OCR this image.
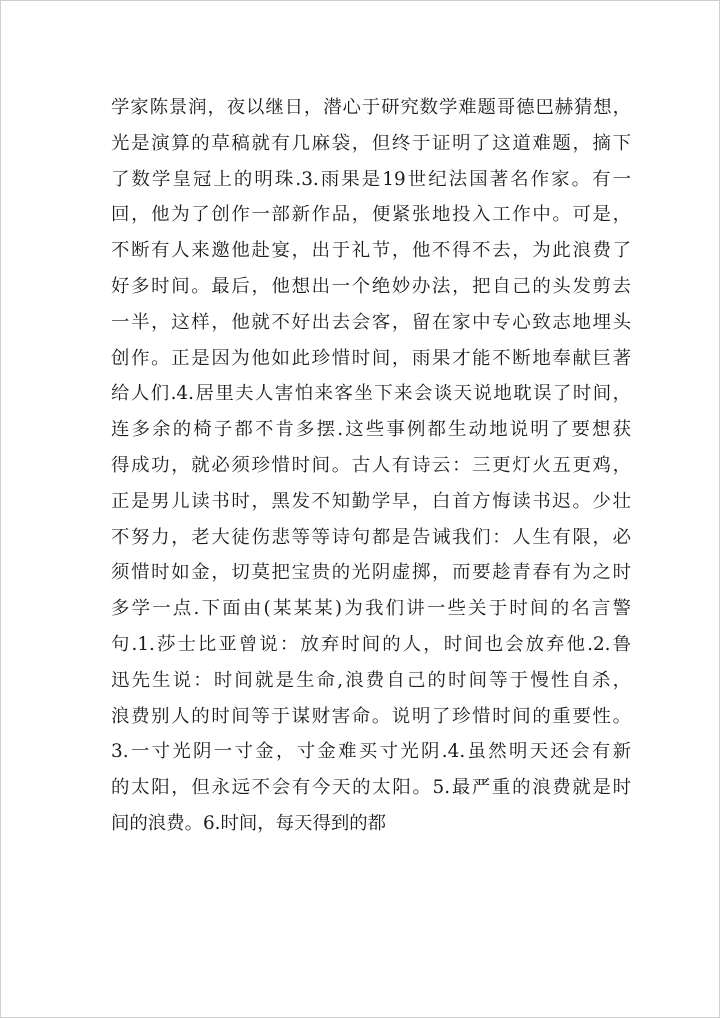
学家陈景润，夜以继日，潜心于研究数学难题哥德巴赫猜想，
光是演算的草稿就有几麻袋，但终于证明了这道难题，摘下
了数学皇冠上的明珠.3.雨果是19世纪法国著名作家。有一
回，他为了创作一部新作品，便紧张地投入工作中。可是，
不断有人来邀他赴宴，出于礼节，他不得不去，为此浪费了
好多时间。最后，他想出一个绝妙办法，把自己的头发剪去
一半，这样，他就不好出去会客，留在家中专心致志地埋头
创作。正是因为他如此珍惜时间，雨果才能不断地奉献巨著
给人们.4.居里夫人害怕来客坐下来会谈天说地耽误了时间，
连多余的椅子都不肯多摆.这些事例都生动地说明了要想获
得成功，就必须珍惜时间。古人有诗云：三更灯火五更鸡，
正是男儿读书时，黑发不知勤学早，白首方悔读书迟。少壮
不努力，老大徒伤悲等等诗句都是告诫我们：人生有限，必
须惜时如金，切莫把宝贵的光阴虚掷，而要趁青春有为之时
多学一点.下面由(某某某)为我们讲一些关于时间的名言警
句.1.莎士比亚曾说：放弃时间的人，时间也会放弃他.2.鲁
迅先生说：时间就是生命,浪费自己的时间等于慢性自杀，
浪费别人的时间等于谋财害命。说明了珍惜时间的重要性。
3.一寸光阴一寸金，寸金难买寸光阴.4.虽然明天还会有新
的太阳，但永远不会有今天的太阳。5.最严重的浪费就是时
间的浪费。6.时间，每天得到的都
